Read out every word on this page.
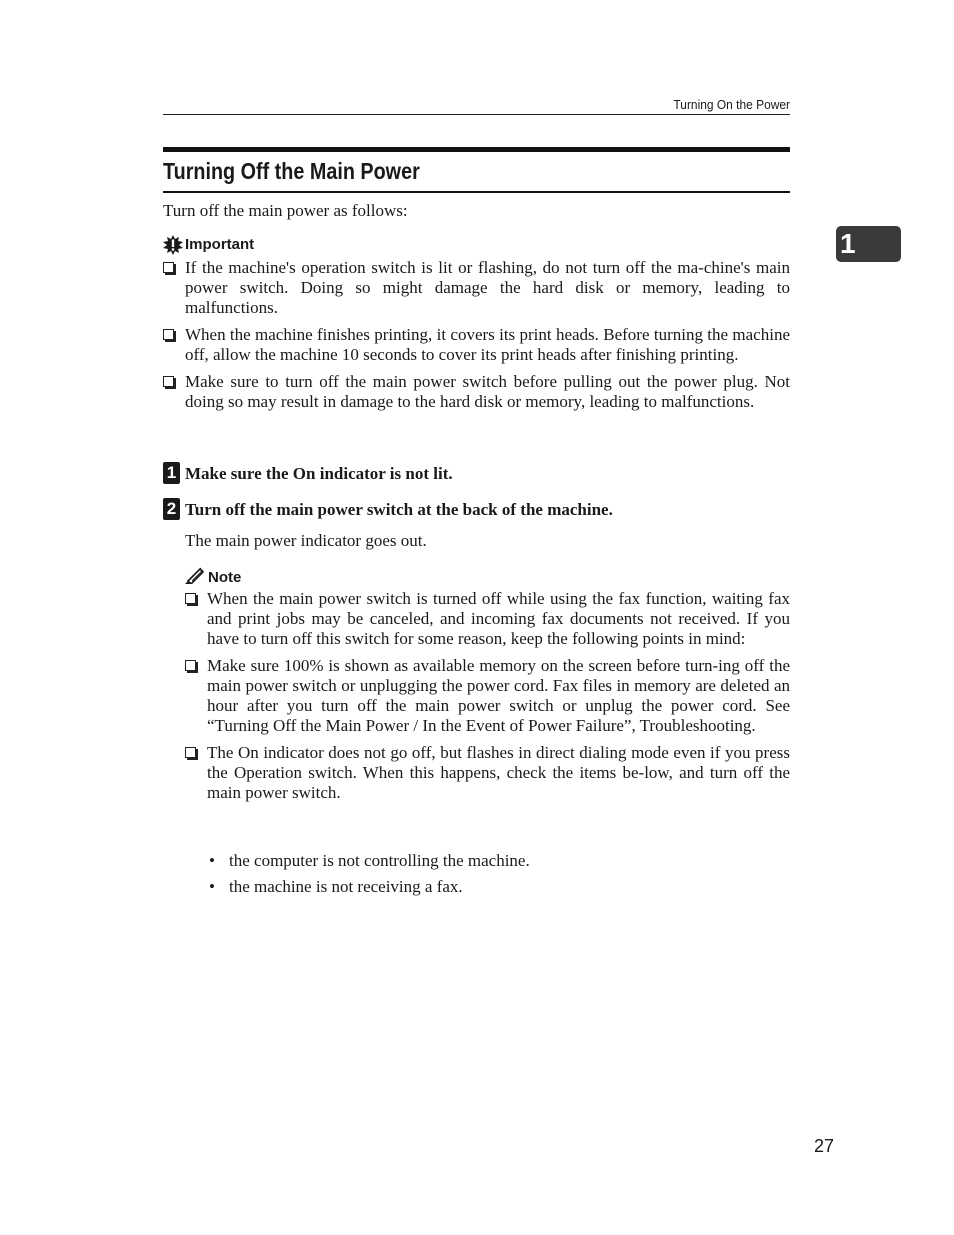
Turning On the Power
Turning Off the Main Power
1
Turn off the main power as follows:
Important
If the machine's operation switch is lit or flashing, do not turn off the ma-chine's main power switch. Doing so might damage the hard disk or memory, leading to malfunctions.
When the machine finishes printing, it covers its print heads. Before turning the machine off, allow the machine 10 seconds to cover its print heads after finishing printing.
Make sure to turn off the main power switch before pulling out the power plug. Not doing so may result in damage to the hard disk or memory, leading to malfunctions.
1 Make sure the On indicator is not lit.
2 Turn off the main power switch at the back of the machine.
The main power indicator goes out.
Note
When the main power switch is turned off while using the fax function, waiting fax and print jobs may be canceled, and incoming fax documents not received. If you have to turn off this switch for some reason, keep the following points in mind:
Make sure 100% is shown as available memory on the screen before turn-ing off the main power switch or unplugging the power cord. Fax files in memory are deleted an hour after you turn off the main power switch or unplug the power cord. See “Turning Off the Main Power / In the Event of Power Failure”, Troubleshooting.
The On indicator does not go off, but flashes in direct dialing mode even if you press the Operation switch. When this happens, check the items be-low, and turn off the main power switch.
• the computer is not controlling the machine.
• the machine is not receiving a fax.
27
